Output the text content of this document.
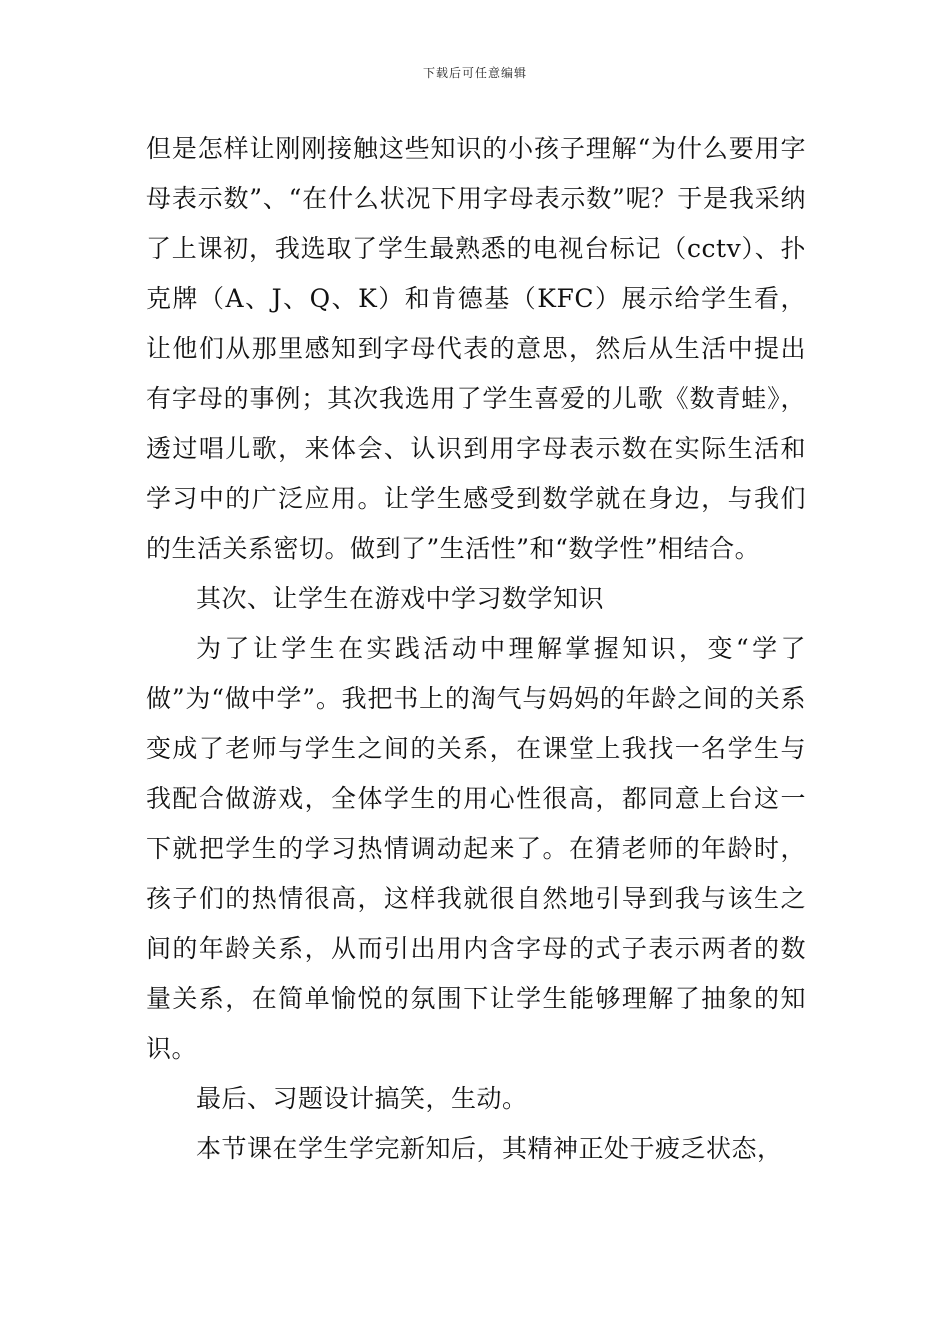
下载后可任意编辑

但是怎样让刚刚接触这些知识的小孩子理解“为什么要用字母表示数”、“在什么状况下用字母表示数”呢？于是我采纳了上课初，我选取了学生最熟悉的电视台标记（cctv）、扑克牌（A、J、Q、K）和肯德基（KFC）展示给学生看，让他们从那里感知到字母代表的意思，然后从生活中提出有字母的事例；其次我选用了学生喜爱的儿歌《数青蛙》，透过唱儿歌，来体会、认识到用字母表示数在实际生活和学习中的广泛应用。让学生感受到数学就在身边，与我们的生活关系密切。做到了”生活性”和“数学性”相结合。

其次、让学生在游戏中学习数学知识

为了让学生在实践活动中理解掌握知识，变“学了做”为“做中学”。我把书上的淘气与妈妈的年龄之间的关系变成了老师与学生之间的关系，在课堂上我找一名学生与我配合做游戏，全体学生的用心性很高，都同意上台这一下就把学生的学习热情调动起来了。在猜老师的年龄时，孩子们的热情很高，这样我就很自然地引导到我与该生之间的年龄关系，从而引出用内含字母的式子表示两者的数量关系，在简单愉悦的氛围下让学生能够理解了抽象的知识。

最后、习题设计搞笑，生动。

本节课在学生学完新知后，其精神正处于疲乏状态，
